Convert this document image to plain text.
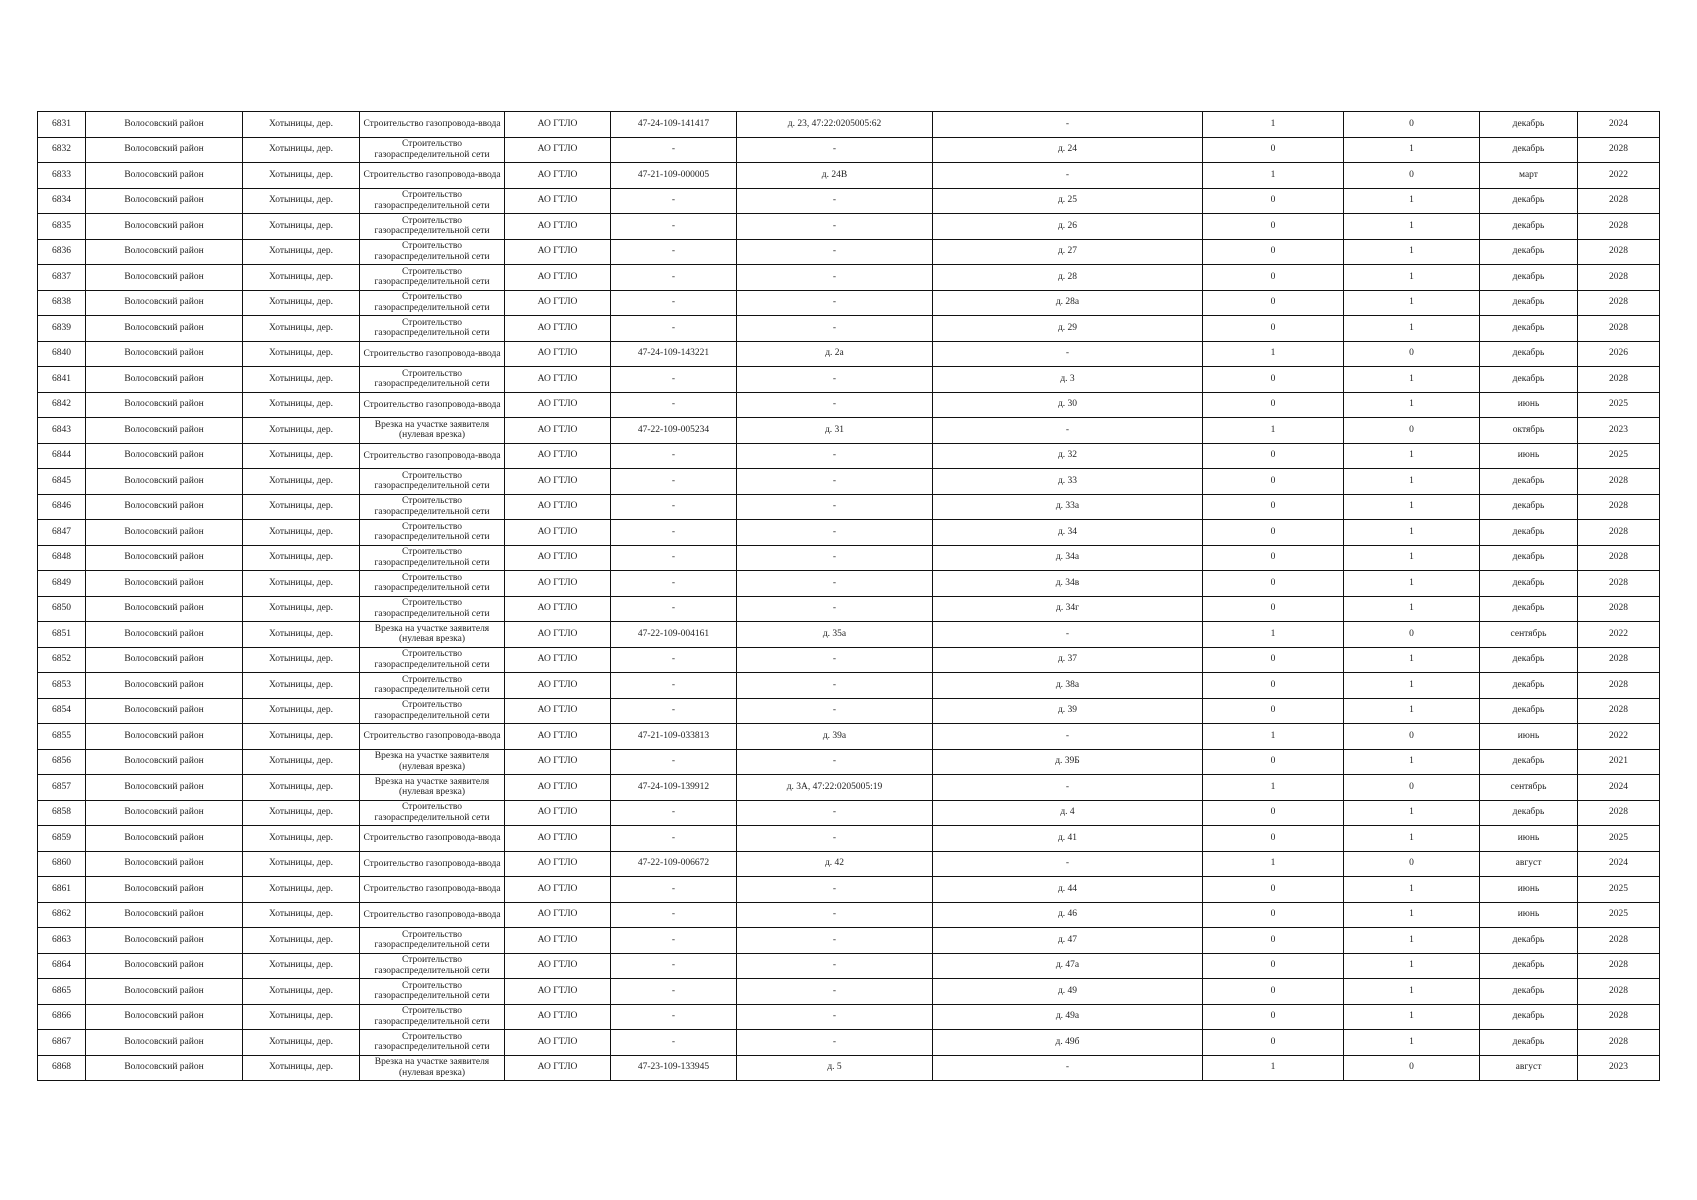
6831	Волосовский район	Хотыницы, дер.	Строительство газопровода-ввода	АО ГТЛО	47-24-109-141417	д. 23, 47:22:0205005:62	-	1	0	декабрь	2024
6832	Волосовский район	Хотыницы, дер.	Строительство газораспределительной сети	АО ГТЛО	-	-	д. 24	0	1	декабрь	2028
6833	Волосовский район	Хотыницы, дер.	Строительство газопровода-ввода	АО ГТЛО	47-21-109-000005	д. 24В	-	1	0	март	2022
6834	Волосовский район	Хотыницы, дер.	Строительство газораспределительной сети	АО ГТЛО	-	-	д. 25	0	1	декабрь	2028
6835	Волосовский район	Хотыницы, дер.	Строительство газораспределительной сети	АО ГТЛО	-	-	д. 26	0	1	декабрь	2028
6836	Волосовский район	Хотыницы, дер.	Строительство газораспределительной сети	АО ГТЛО	-	-	д. 27	0	1	декабрь	2028
6837	Волосовский район	Хотыницы, дер.	Строительство газораспределительной сети	АО ГТЛО	-	-	д. 28	0	1	декабрь	2028
6838	Волосовский район	Хотыницы, дер.	Строительство газораспределительной сети	АО ГТЛО	-	-	д. 28а	0	1	декабрь	2028
6839	Волосовский район	Хотыницы, дер.	Строительство газораспределительной сети	АО ГТЛО	-	-	д. 29	0	1	декабрь	2028
6840	Волосовский район	Хотыницы, дер.	Строительство газопровода-ввода	АО ГТЛО	47-24-109-143221	д. 2а	-	1	0	декабрь	2026
6841	Волосовский район	Хотыницы, дер.	Строительство газораспределительной сети	АО ГТЛО	-	-	д. 3	0	1	декабрь	2028
6842	Волосовский район	Хотыницы, дер.	Строительство газопровода-ввода	АО ГТЛО	-	-	д. 30	0	1	июнь	2025
6843	Волосовский район	Хотыницы, дер.	Врезка на участке заявителя (нулевая врезка)	АО ГТЛО	47-22-109-005234	д. 31	-	1	0	октябрь	2023
6844	Волосовский район	Хотыницы, дер.	Строительство газопровода-ввода	АО ГТЛО	-	-	д. 32	0	1	июнь	2025
6845	Волосовский район	Хотыницы, дер.	Строительство газораспределительной сети	АО ГТЛО	-	-	д. 33	0	1	декабрь	2028
6846	Волосовский район	Хотыницы, дер.	Строительство газораспределительной сети	АО ГТЛО	-	-	д. 33а	0	1	декабрь	2028
6847	Волосовский район	Хотыницы, дер.	Строительство газораспределительной сети	АО ГТЛО	-	-	д. 34	0	1	декабрь	2028
6848	Волосовский район	Хотыницы, дер.	Строительство газораспределительной сети	АО ГТЛО	-	-	д. 34а	0	1	декабрь	2028
6849	Волосовский район	Хотыницы, дер.	Строительство газораспределительной сети	АО ГТЛО	-	-	д. 34в	0	1	декабрь	2028
6850	Волосовский район	Хотыницы, дер.	Строительство газораспределительной сети	АО ГТЛО	-	-	д. 34г	0	1	декабрь	2028
6851	Волосовский район	Хотыницы, дер.	Врезка на участке заявителя (нулевая врезка)	АО ГТЛО	47-22-109-004161	д. 35а	-	1	0	сентябрь	2022
6852	Волосовский район	Хотыницы, дер.	Строительство газораспределительной сети	АО ГТЛО	-	-	д. 37	0	1	декабрь	2028
6853	Волосовский район	Хотыницы, дер.	Строительство газораспределительной сети	АО ГТЛО	-	-	д. 38а	0	1	декабрь	2028
6854	Волосовский район	Хотыницы, дер.	Строительство газораспределительной сети	АО ГТЛО	-	-	д. 39	0	1	декабрь	2028
6855	Волосовский район	Хотыницы, дер.	Строительство газопровода-ввода	АО ГТЛО	47-21-109-033813	д. 39а	-	1	0	июнь	2022
6856	Волосовский район	Хотыницы, дер.	Врезка на участке заявителя (нулевая врезка)	АО ГТЛО	-	-	д. 39Б	0	1	декабрь	2021
6857	Волосовский район	Хотыницы, дер.	Врезка на участке заявителя (нулевая врезка)	АО ГТЛО	47-24-109-139912	д. 3А, 47:22:0205005:19	-	1	0	сентябрь	2024
6858	Волосовский район	Хотыницы, дер.	Строительство газораспределительной сети	АО ГТЛО	-	-	д. 4	0	1	декабрь	2028
6859	Волосовский район	Хотыницы, дер.	Строительство газопровода-ввода	АО ГТЛО	-	-	д. 41	0	1	июнь	2025
6860	Волосовский район	Хотыницы, дер.	Строительство газопровода-ввода	АО ГТЛО	47-22-109-006672	д. 42	-	1	0	август	2024
6861	Волосовский район	Хотыницы, дер.	Строительство газопровода-ввода	АО ГТЛО	-	-	д. 44	0	1	июнь	2025
6862	Волосовский район	Хотыницы, дер.	Строительство газопровода-ввода	АО ГТЛО	-	-	д. 46	0	1	июнь	2025
6863	Волосовский район	Хотыницы, дер.	Строительство газораспределительной сети	АО ГТЛО	-	-	д. 47	0	1	декабрь	2028
6864	Волосовский район	Хотыницы, дер.	Строительство газораспределительной сети	АО ГТЛО	-	-	д. 47а	0	1	декабрь	2028
6865	Волосовский район	Хотыницы, дер.	Строительство газораспределительной сети	АО ГТЛО	-	-	д. 49	0	1	декабрь	2028
6866	Волосовский район	Хотыницы, дер.	Строительство газораспределительной сети	АО ГТЛО	-	-	д. 49а	0	1	декабрь	2028
6867	Волосовский район	Хотыницы, дер.	Строительство газораспределительной сети	АО ГТЛО	-	-	д. 49б	0	1	декабрь	2028
6868	Волосовский район	Хотыницы, дер.	Врезка на участке заявителя (нулевая врезка)	АО ГТЛО	47-23-109-133945	д. 5	-	1	0	август	2023
